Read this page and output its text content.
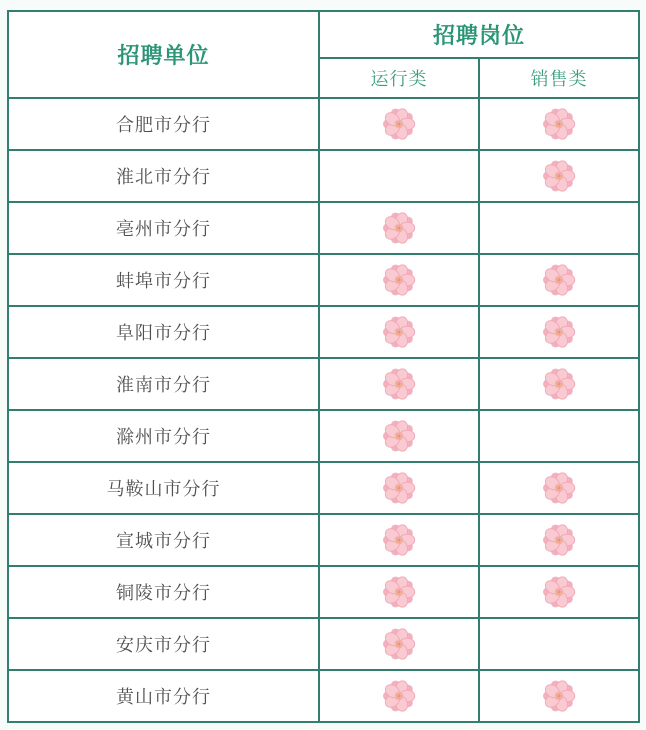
招聘单位	招聘岗位	
	运行类	销售类
合肥市分行		
淮北市分行		
亳州市分行		
蚌埠市分行		
阜阳市分行		
淮南市分行		
滁州市分行		
马鞍山市分行		
宣城市分行		
铜陵市分行		
安庆市分行		
黄山市分行		
